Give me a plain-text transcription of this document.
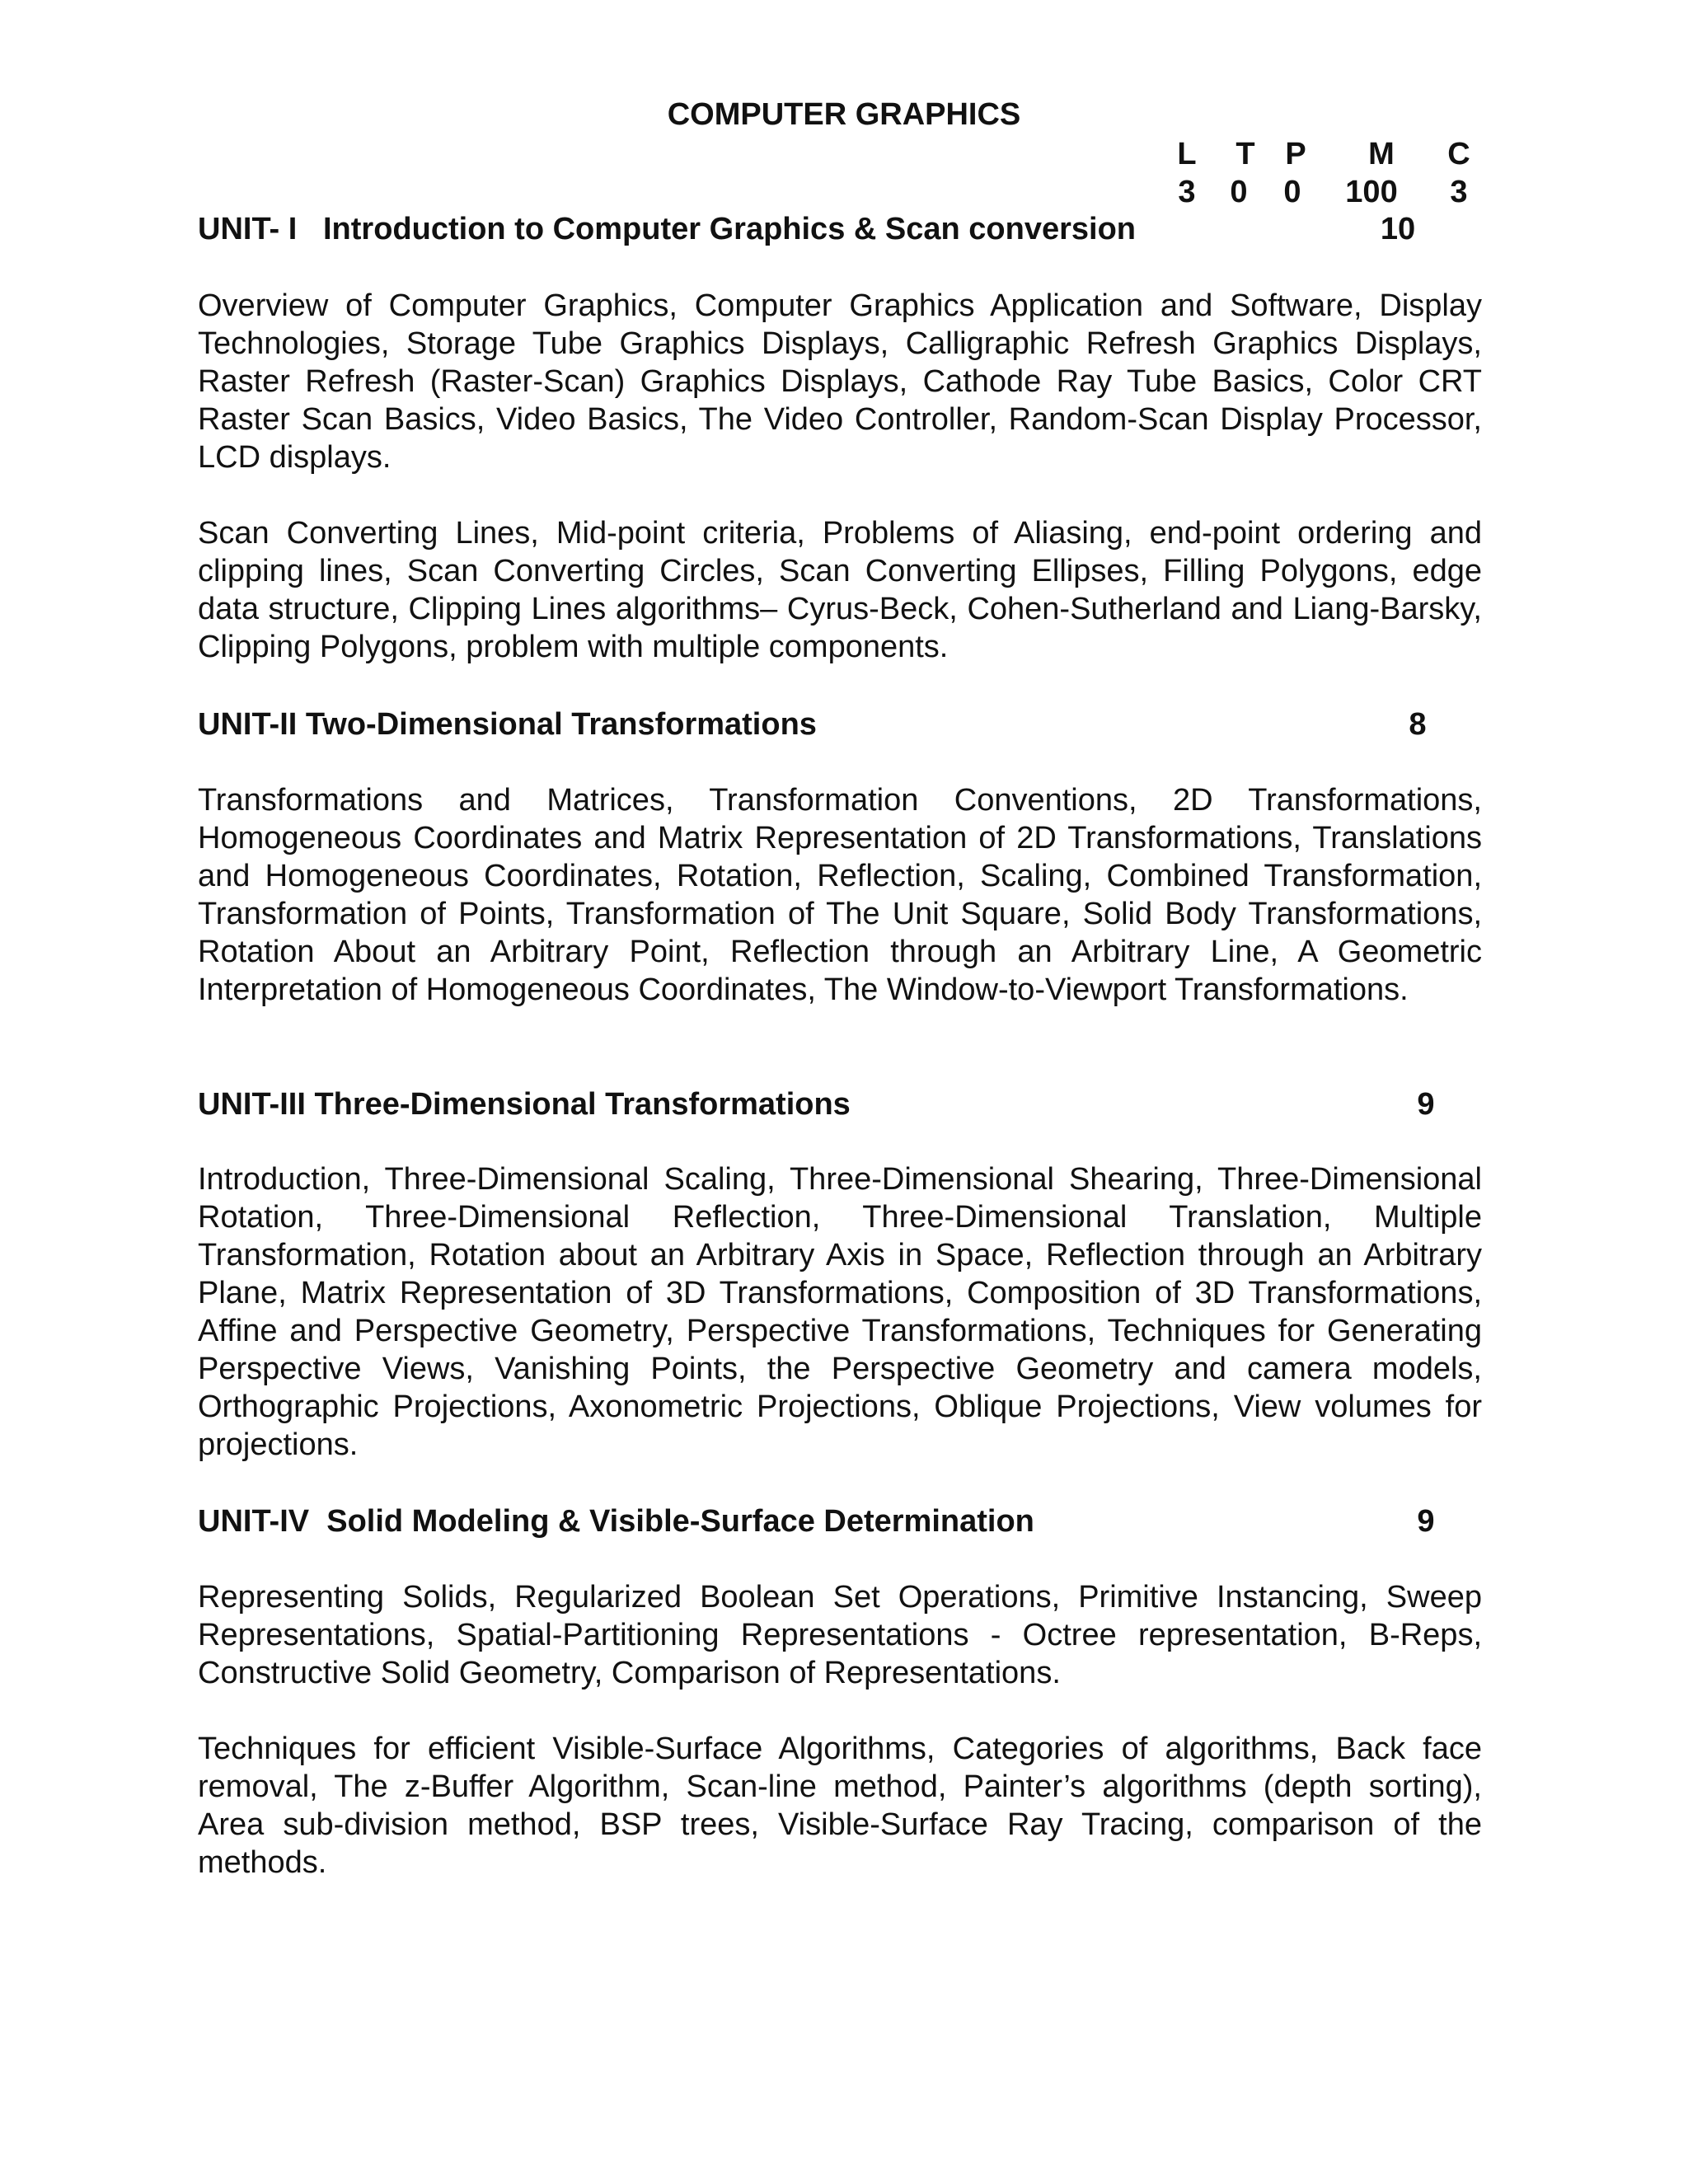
COMPUTER GRAPHICS
L	T P	M	C
3	0	0	100	3
UNIT- I   Introduction to Computer Graphics & Scan conversion	10

Overview of Computer Graphics, Computer Graphics Application and Software, Display Technologies, Storage Tube Graphics Displays, Calligraphic Refresh Graphics Displays, Raster Refresh (Raster-Scan) Graphics Displays, Cathode Ray Tube Basics, Color CRT Raster Scan Basics, Video Basics, The Video Controller, Random-Scan Display Processor, LCD displays.

Scan Converting Lines, Mid-point criteria, Problems of Aliasing, end-point ordering and clipping lines, Scan Converting Circles, Scan Converting Ellipses, Filling Polygons, edge data structure, Clipping Lines algorithms– Cyrus-Beck, Cohen-Sutherland and Liang-Barsky, Clipping Polygons, problem with multiple components.

UNIT-II Two-Dimensional Transformations	8

Transformations and Matrices, Transformation Conventions, 2D Transformations, Homogeneous Coordinates and Matrix Representation of 2D Transformations, Translations and Homogeneous Coordinates, Rotation, Reflection, Scaling, Combined Transformation, Transformation of Points, Transformation of The Unit Square, Solid Body Transformations, Rotation About an Arbitrary Point, Reflection through an Arbitrary Line, A Geometric Interpretation of Homogeneous Coordinates, The Window-to-Viewport Transformations.

UNIT-III Three-Dimensional Transformations	9

Introduction, Three-Dimensional Scaling, Three-Dimensional Shearing, Three-Dimensional Rotation, Three-Dimensional Reflection, Three-Dimensional Translation, Multiple Transformation, Rotation about an Arbitrary Axis in Space, Reflection through an Arbitrary Plane, Matrix Representation of 3D Transformations, Composition of 3D Transformations, Affine and Perspective Geometry, Perspective Transformations, Techniques for Generating Perspective Views, Vanishing Points, the Perspective Geometry and camera models, Orthographic Projections, Axonometric Projections, Oblique Projections, View volumes for projections.

UNIT-IV  Solid Modeling & Visible-Surface Determination	9

Representing Solids, Regularized Boolean Set Operations, Primitive Instancing, Sweep Representations, Spatial-Partitioning Representations - Octree representation, B-Reps, Constructive Solid Geometry, Comparison of Representations.

Techniques for efficient Visible-Surface Algorithms, Categories of algorithms, Back face removal, The z-Buffer Algorithm, Scan-line method, Painter’s algorithms (depth sorting), Area sub-division method, BSP trees, Visible-Surface Ray Tracing, comparison of the methods.
